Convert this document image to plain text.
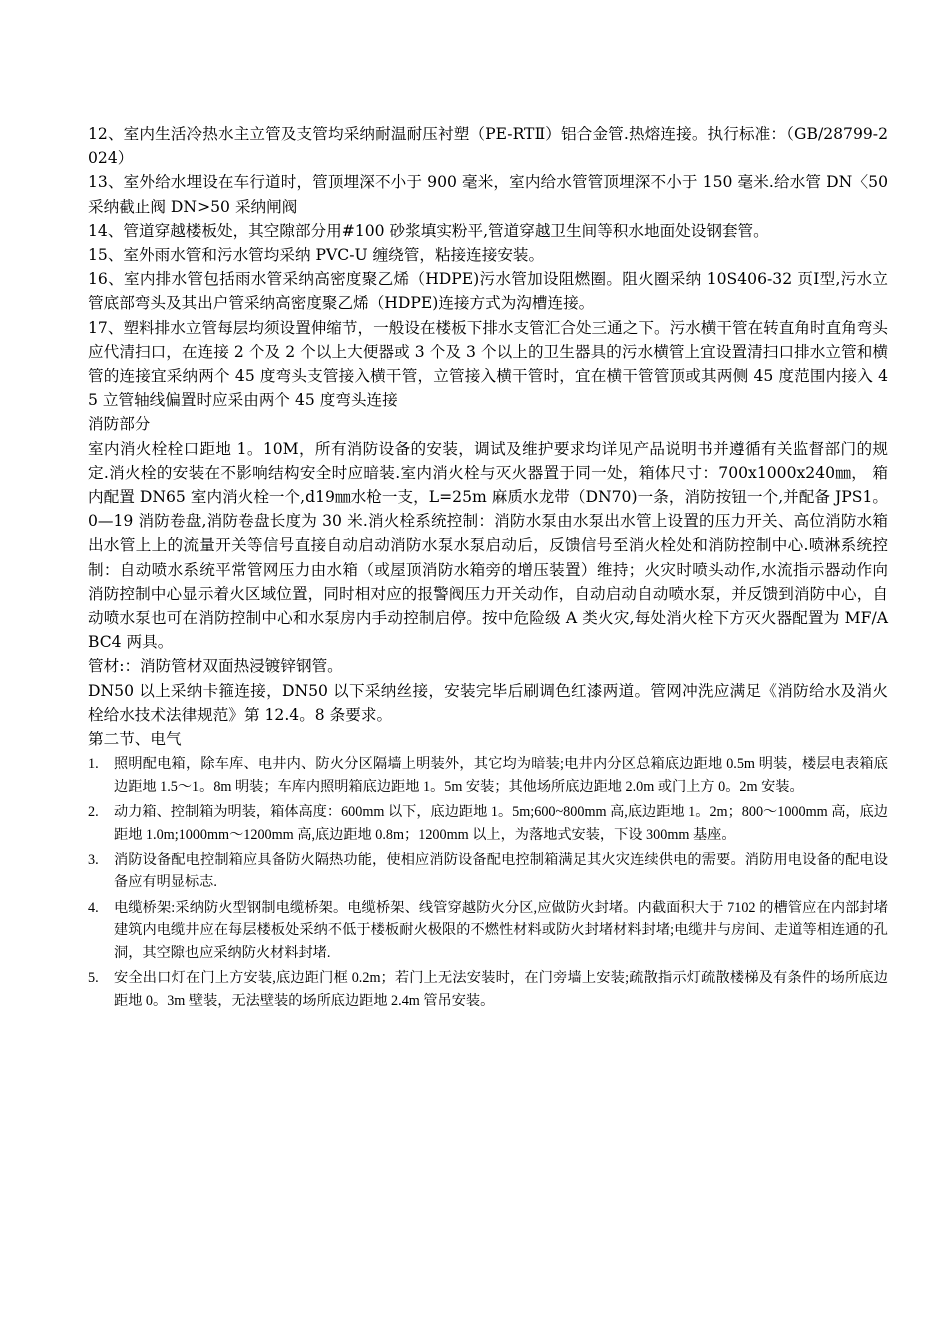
12、室内生活冷热水主立管及支管均采纳耐温耐压衬塑（PE-RTⅡ）铝合金管.热熔连接。执行标准：（GB/28799-2024）

13、室外给水埋设在车行道时，管顶埋深不小于 900 毫米，室内给水管管顶埋深不小于 150 毫米.给水管 DN〈50 采纳截止阀 DN>50 采纳闸阀

14、管道穿越楼板处，其空隙部分用#100 砂浆填实粉平,管道穿越卫生间等积水地面处设钢套管。

15、室外雨水管和污水管均采纳 PVC-U 缠绕管，粘接连接安装。

16、室内排水管包括雨水管采纳高密度聚乙烯（HDPE)污水管加设阻燃圈。阻火圈采纳 10S406-32 页Ⅰ型,污水立管底部弯头及其出户管采纳高密度聚乙烯（HDPE)连接方式为沟槽连接。

17、塑料排水立管每层均须设置伸缩节，一般设在楼板下排水支管汇合处三通之下。污水横干管在转直角时直角弯头应代清扫口，在连接 2 个及 2 个以上大便器或 3 个及 3 个以上的卫生器具的污水横管上宜设置清扫口排水立管和横管的连接宜采纳两个 45 度弯头支管接入横干管，立管接入横干管时，宜在横干管管顶或其两侧 45 度范围内接入 45 立管轴线偏置时应采由两个 45 度弯头连接

消防部分

室内消火栓栓口距地 1。10M，所有消防设备的安装，调试及维护要求均详见产品说明书并遵循有关监督部门的规定.消火栓的安装在不影响结构安全时应暗装.室内消火栓与灭火器置于同一处，箱体尺寸：700x1000x240㎜， 箱内配置 DN65 室内消火栓一个,d19㎜水枪一支，L=25m 麻质水龙带（DN70)一条，消防按钮一个,并配备 JPS1。0—19 消防卷盘,消防卷盘长度为 30 米.消火栓系统控制：消防水泵由水泵出水管上设置的压力开关、高位消防水箱出水管上上的流量开关等信号直接自动启动消防水泵水泵启动后，反馈信号至消火栓处和消防控制中心.喷淋系统控制：自动喷水系统平常管网压力由水箱（或屋顶消防水箱旁的增压装置）维持；火灾时喷头动作,水流指示器动作向消防控制中心显示着火区域位置，同时相对应的报警阀压力开关动作，自动启动自动喷水泵，并反馈到消防中心，自动喷水泵也可在消防控制中心和水泵房内手动控制启停。按中危险级 A 类火灾,每处消火栓下方灭火器配置为 MF/ABC4 两具。

管材:：消防管材双面热浸镀锌钢管。

DN50 以上采纳卡箍连接，DN50 以下采纳丝接，安装完毕后刷调色红漆两道。管网冲洗应满足《消防给水及消火栓给水技术法律规范》第 12.4。8 条要求。

第二节、电气

1.	照明配电箱，除车库、电井内、防火分区隔墙上明装外，其它均为暗装;电井内分区总箱底边距地 0.5m 明装，楼层电表箱底边距地 1.5～1。8m 明装；车库内照明箱底边距地 1。5m 安装；其他场所底边距地 2.0m 或门上方 0。2m 安装。
2.	动力箱、控制箱为明装，箱体高度：600mm 以下，底边距地 1。5m;600~800mm 高,底边距地 1。2m；800～1000mm 高，底边距地 1.0m;1000mm～1200mm 高,底边距地 0.8m；1200mm 以上，为落地式安装，下设 300mm 基座。
3.	消防设备配电控制箱应具备防火隔热功能，使相应消防设备配电控制箱满足其火灾连续供电的需要。消防用电设备的配电设备应有明显标志.
4.	电缆桥架:采纳防火型钢制电缆桥架。电缆桥架、线管穿越防火分区,应做防火封堵。内截面积大于 7102 的槽管应在内部封堵建筑内电缆井应在每层楼板处采纳不低于楼板耐火极限的不燃性材料或防火封堵材料封堵;电缆井与房间、走道等相连通的孔洞，其空隙也应采纳防火材料封堵.
5.	安全出口灯在门上方安装,底边距门框 0.2m；若门上无法安装时，在门旁墙上安装;疏散指示灯疏散楼梯及有条件的场所底边距地 0。3m 壁装，无法壁装的场所底边距地 2.4m 管吊安装。
